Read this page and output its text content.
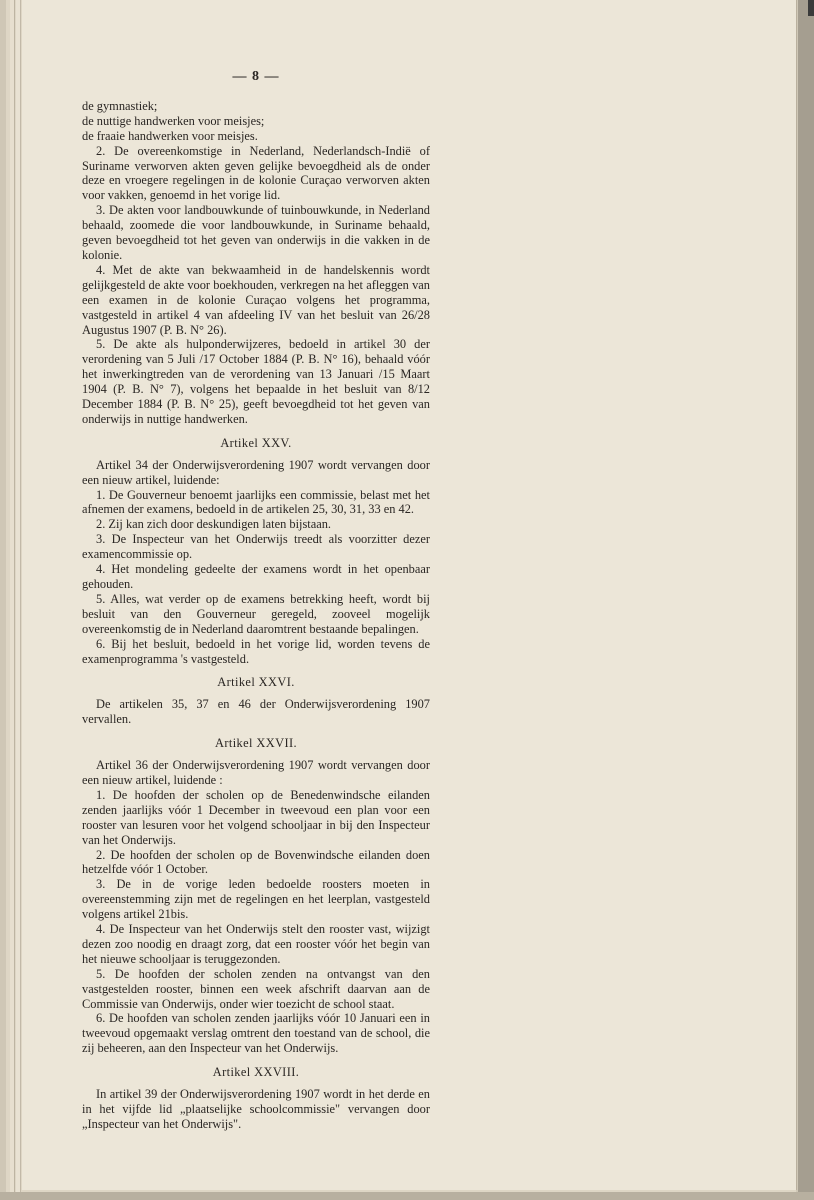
— 8 —

de gymnastiek;

de nuttige handwerken voor meisjes;

de fraaie handwerken voor meisjes.

2. De overeenkomstige in Nederland, Nederlandsch-Indië of Suriname verworven akten geven gelijke bevoegdheid als de onder deze en vroegere regelingen in de kolonie Curaçao verworven akten voor vakken, genoemd in het vorige lid.

3. De akten voor landbouwkunde of tuinbouwkunde, in Nederland behaald, zoomede die voor landbouwkunde, in Suriname behaald, geven bevoegdheid tot het geven van onderwijs in die vakken in de kolonie.

4. Met de akte van bekwaamheid in de handelskennis wordt gelijkgesteld de akte voor boekhouden, verkregen na het afleggen van een examen in de kolonie Curaçao volgens het programma, vastgesteld in artikel 4 van afdeeling IV van het besluit van 26/28 Augustus 1907 (P. B. N° 26).

5. De akte als hulponderwijzeres, bedoeld in artikel 30 der verordening van 5 Juli /17 October 1884 (P. B. N° 16), behaald vóór het inwerkingtreden van de verordening van 13 Januari /15 Maart 1904 (P. B. N° 7), volgens het bepaalde in het besluit van 8/12 December 1884 (P. B. N° 25), geeft bevoegdheid tot het geven van onderwijs in nuttige handwerken.

Artikel XXV.

Artikel 34 der Onderwijsverordening 1907 wordt vervangen door een nieuw artikel, luidende:

1. De Gouverneur benoemt jaarlijks een commissie, belast met het afnemen der examens, bedoeld in de artikelen 25, 30, 31, 33 en 42.

2. Zij kan zich door deskundigen laten bijstaan.

3. De Inspecteur van het Onderwijs treedt als voorzitter dezer examencommissie op.

4. Het mondeling gedeelte der examens wordt in het openbaar gehouden.

5. Alles, wat verder op de examens betrekking heeft, wordt bij besluit van den Gouverneur geregeld, zooveel mogelijk overeenkomstig de in Nederland daaromtrent bestaande bepalingen.

6. Bij het besluit, bedoeld in het vorige lid, worden tevens de examenprogramma 's vastgesteld.

Artikel XXVI.

De artikelen 35, 37 en 46 der Onderwijsverordening 1907 vervallen.

Artikel XXVII.

Artikel 36 der Onderwijsverordening 1907 wordt vervangen door een nieuw artikel, luidende :

1. De hoofden der scholen op de Benedenwindsche eilanden zenden jaarlijks vóór 1 December in tweevoud een plan voor een rooster van lesuren voor het volgend schooljaar in bij den Inspecteur van het Onderwijs.

2. De hoofden der scholen op de Bovenwindsche eilanden doen hetzelfde vóór 1 October.

3. De in de vorige leden bedoelde roosters moeten in overeenstemming zijn met de regelingen en het leerplan, vastgesteld volgens artikel 21bis.

4. De Inspecteur van het Onderwijs stelt den rooster vast, wijzigt dezen zoo noodig en draagt zorg, dat een rooster vóór het begin van het nieuwe schooljaar is teruggezonden.

5. De hoofden der scholen zenden na ontvangst van den vastgestelden rooster, binnen een week afschrift daarvan aan de Commissie van Onderwijs, onder wier toezicht de school staat.

6. De hoofden van scholen zenden jaarlijks vóór 10 Januari een in tweevoud opgemaakt verslag omtrent den toestand van de school, die zij beheeren, aan den Inspecteur van het Onderwijs.

Artikel XXVIII.

In artikel 39 der Onderwijsverordening 1907 wordt in het derde en in het vijfde lid „plaatselijke schoolcommissie" vervangen door „Inspecteur van het Onderwijs".
